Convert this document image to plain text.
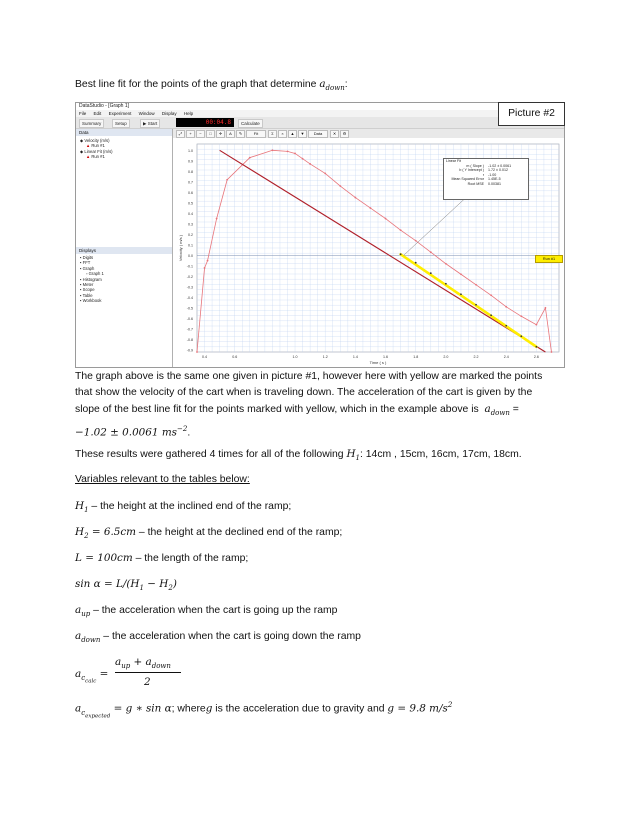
Best line fit for the points of the graph that determine $a_{down}$:
DataStudio - [Graph 1]
File Edit Experiment Window Display Help
Summary	Setup	▶ Start	00:04.8	Calculate
⤢	+	−	□	✛	A	✎	Fit	Σ	×	▲	▼	Data	✕	⚙
Data
◆ Velocity (m/s)
▲ Run #1
◆ Linear Fit (m/s)
▲ Run #1
Displays
▪ Digits
▪ FFT
▪ Graph
▫ Graph 1
▪ Histogram
▪ Meter
▪ Scope
▪ Table
▪ Workbook
1.0
0.9
0.8
0.7
0.6
0.5
0.4
0.3
0.2
0.1
0.0
-0.1
-0.2
-0.3
-0.4
-0.5
-0.6
-0.7
-0.8
-0.9
0.4	0.6	1.0	1.2	1.4	1.6	1.8	2.0	2.2	2.4	2.6
Time ( s )
Velocity ( m/s )
Linear Fit
m ( Slope )	-1.02 ± 0.0061
b ( Y Intercept )	1.72 ± 0.012
r	-1.00
Mean Squared Error	1.45E-5
Root MSE	0.00381
Run #1
Picture #2
The graph above is the same one given in picture #1, however here with yellow are marked the points
that show the velocity of the cart when is traveling down. The acceleration of the cart is given by the
slope of the best line fit for the points marked with yellow, which in the example above is $a_{down}$ =
−1.02 ± 0.0061 $ms^{-2}$.
These results were gathered 4 times for all of the following $H_1$: 14cm , 15cm, 16cm, 17cm, 18cm.
Variables relevant to the tables below:
$H_1$ – the height at the inclined end of the ramp;
$H_2 = 6.5cm$ – the height at the declined end of the ramp;
L = 100cm – the length of the ramp;
$\sin \alpha = L/(H_1 - H_2)$
$a_{up}$ – the acceleration when the cart is going up the ramp
$a_{down}$ – the acceleration when the cart is going down the ramp
$a_{c_{calc}}$ =
$a_{up} + a_{down}$
2
$a_{c_{expected}} = g$ ∗ sin α; whereg is the acceleration due to gravity and g = 9.8 $m/s^2$
